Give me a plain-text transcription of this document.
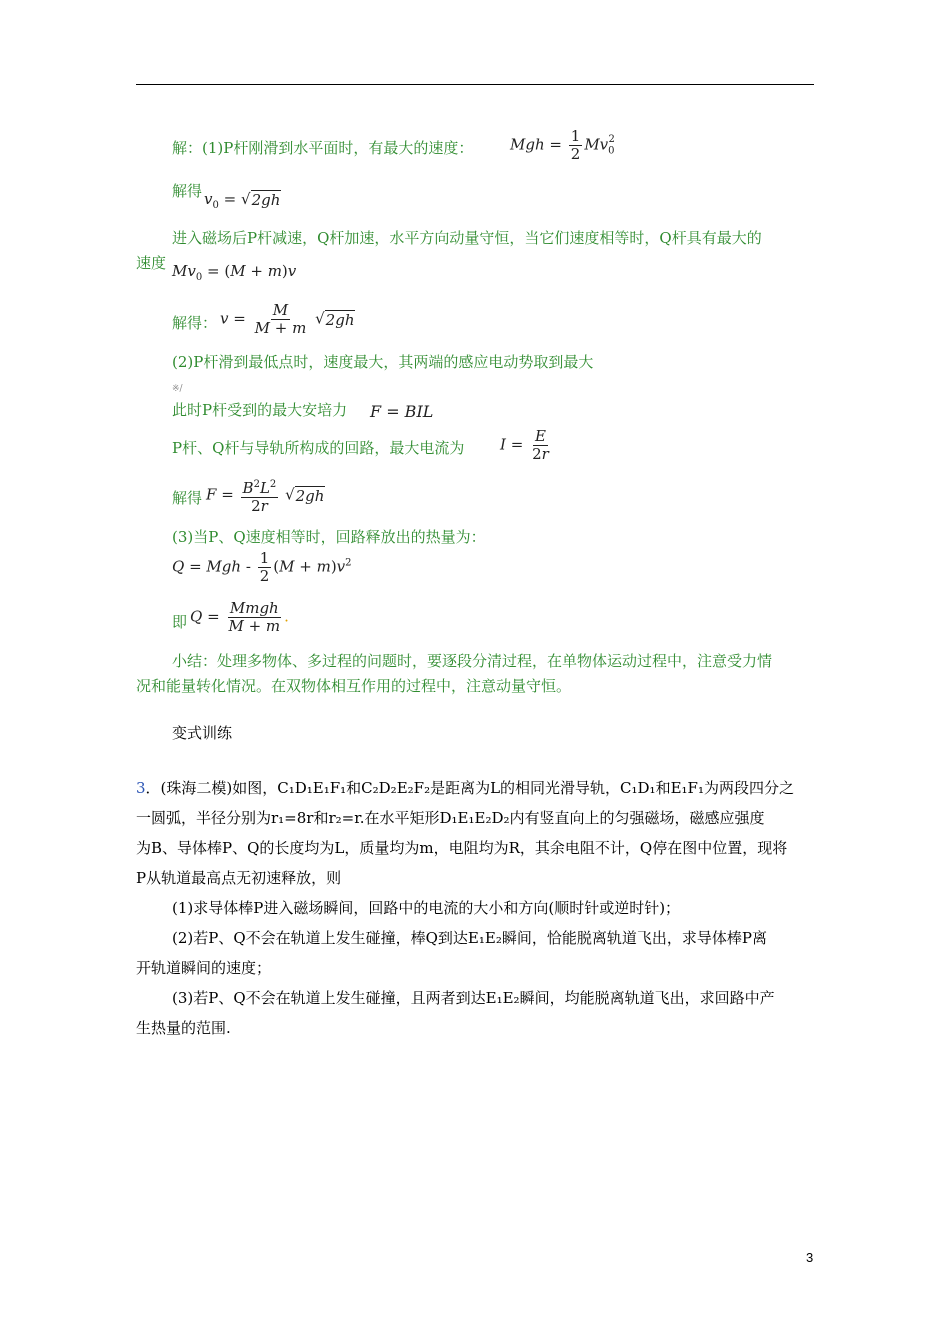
解：(1)P杆刚滑到水平面时，有最大的速度： Mgh = $\frac{1}{2} Mv_0^2$
解得 $v_0 = √2gh$
进入磁场后P杆减速，Q杆加速，水平方向动量守恒，当它们速度相等时，Q杆具有最大的
速度 $Mv_0 = (M + m)v$
解得： $v = \frac{M}{M + m} √2gh$
(2)P杆滑到最低点时，速度最大，其两端的感应电动势取到最大
※/
此时P杆受到的最大安培力 F = BIL
P杆、Q杆与导轨所构成的回路，最大电流为 $I = \frac{E}{2r}$
解得 $F = \frac{B^2L^2}{2r} √2gh$
(3)当P、Q速度相等时，回路释放出的热量为：
Q = Mgh - $\frac{1}{2} (M + m)v^2$
即 $Q = \frac{\text{Mmgh}}{M + m}$ .
小结：处理多物体、多过程的问题时，要逐段分清过程，在单物体运动过程中，注意受力情
况和能量转化情况。在双物体相互作用的过程中，注意动量守恒。
变式训练
3．(珠海二模)如图，C₁D₁E₁F₁和C₂D₂E₂F₂是距离为L的相同光滑导轨，C₁D₁和E₁F₁为两段四分之
一圆弧，半径分别为r₁=8r和r₂=r.在水平矩形D₁E₁E₂D₂内有竖直向上的匀强磁场，磁感应强度
为B、导体棒P、Q的长度均为L，质量均为m，电阻均为R，其余电阻不计，Q停在图中位置，现将
P从轨道最高点无初速释放，则
(1)求导体棒P进入磁场瞬间，回路中的电流的大小和方向(顺时针或逆时针)；
(2)若P、Q不会在轨道上发生碰撞，棒Q到达E₁E₂瞬间，恰能脱离轨道飞出，求导体棒P离
开轨道瞬间的速度；
(3)若P、Q不会在轨道上发生碰撞，且两者到达E₁E₂瞬间，均能脱离轨道飞出，求回路中产
生热量的范围.
3
